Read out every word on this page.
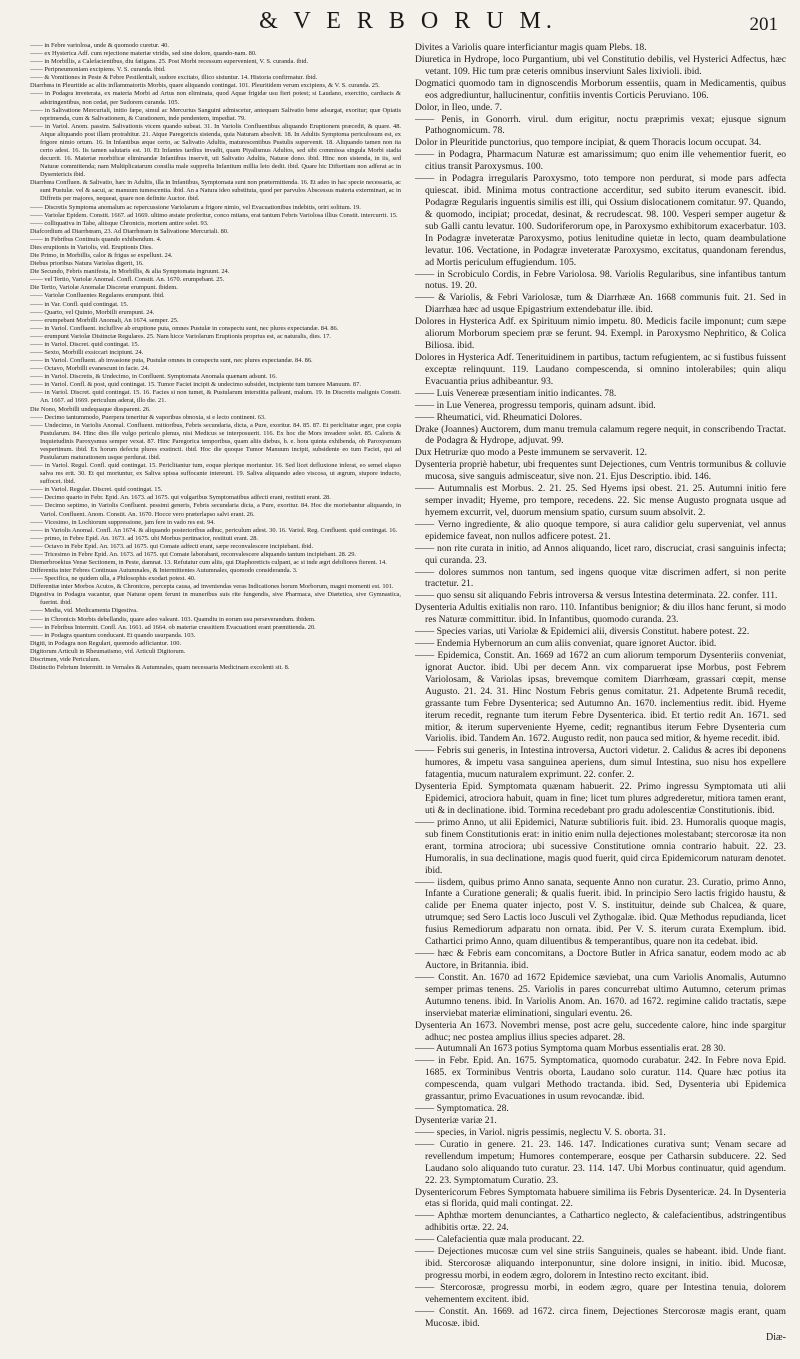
& V E R B O R U M.	201

—— in Febre variolosa, unde & quomodo curetur. 40.

—— ex Hysterica Adf. cum rejectione materiæ viridis, sed sine dolore, quando-nam. 80.

—— in Morbillis, a Calefacientibus, diu fatigans. 25. Post Morbi recessum supervenient, V. S. curanda. ibid.

—— Peripneumoniam excipiens. V. S. curanda. ibid.

—— & Vomitiones in Peste & Febre Pestilentiali, sudore excitato, illico sistuntur. 14. Historia confirmatur. ibid.

Diarrhœa in Pleuritide ac aliis inflammatoriis Morbis, quare aliquando contingat. 101. Pleuritidem verum excipiens, & V. S. curanda. 25.

—— in Podagra inveterata, ex materia Morbi ad Artus non eliminata, quod Aquæ frigidæ usu fieri potest; si Laudano, exercitio, cardiacis & adstringentibus, non cedat, per Sudorem curanda. 105.

—— in Salivatione Mercuriali, initio fæpe, simul ac Mercurius Sanguini admiscetur, antequam Salivatio bene adsurgat, exoritur; quæ Opiatis reprimenda, cum & Salivationem, & Curationem, inde pendentem, impediat. 79.

—— in Variol. Anom. passim. Salivationis vicem quando subeat. 31. In Variolis Confluentibus aliquando Eruptionem præcedit, & quare. 48. Atque aliquando post illam protrahitur. 21. Atque Paregoricis sistenda, quia Naturam absolvit. 18. In Adultis Symptoma periculosum est, ex frigore nimio ortum. 16. In Infantibus æque certo, ac Salivatio Adultis, maturescentibus Pustulis supervenit. 18. Aliquando tamen non ita certo adest. 16. Iis tamen salutaris est. 10. Et Infantes tardius invadit, quam Ptyalismus Adultos, sed sibi commissa singula Morbi stadia decurrit. 16. Materiæ morbificæ eliminandæ Infantibus inservit, uti Salivatio Adultis, Naturæ dono. ibid. Hinc non sistenda, in iis, sed Naturæ committenda; nam Multiplicatarum consilia male supprefia Infantium millia leto dedit. ibid. Quare hic Diftertiam non adferat ac in Dysentericis ibid.

Diarrhœa Confluen. & Salivatio, hæc in Adultis, illa in Infantibus, Symptomata sunt non prætermittenda. 16. Et adeo in hac specie necessaria, ac sunt Pustulæ. vel & sacui, ac manuum tumescentia. ibid. An a Natura ideo substituta, quod per parvulos Abscessus materia exterminari, ac in Diffretis per majores, nequeat, quare non definite Auctor. ibid.

—— Discretis Symptoma anomalum ac repercussione Variolarum a frigore nimio, vel Evacuationibus indebitis, oriri solitum. 19.

—— Variolar Epidem. Constit. 1667. ad 1669. ultimo æstate proferitur, conco mitans, erat tantum Febris Variolosa illius Constit. intercurrit. 15.

—— colliquativa in Tabe, aliisque Chronicis, mortem antire solet. 93.

Diafcordium ad Diarrhœam, 23. Ad Diarrhœam in Salivatione Mercuriali. 80.

—— in Febribus Continuis quando exhibendum. 4.

Dies eruptionis in Variolis, vid. Eruptionis Dies.

Die Primo, in Morbillis, calor & frigus se expellunt. 24.

Diebus prioribus Natura Variolas digerit, 16.

Die Secundo, Febris manifesta, in Morbillis, & alia Symptomata ingruunt. 24.

—— vel Tertio, Variolæ Anomal. Confl. Constit. An. 1670. erumpebant. 25.

Die Tertio, Variolæ Anomalæ Discretæ erumpunt. ibidem.

—— Variolæ Confluentes Regulares erumpunt. ibid.

—— in Var. Confl. quid contingat. 15.

—— Quarto, vel Quinto, Morbilli erumpunt. 24.

—— erumpebant Morbilli Anomali, An 1674. semper. 25.

—— in Variol. Confluent. incluflive ab eruptione puta, omnes Pustulæ in conspectu sunt, nec plures expectandæ. 84. 86.

—— erumpunt Variolæ Distinctæ Regulares. 25. Nam hicce Variolarum Eruptionis proprius est, ac naturalis, dies. 17.

—— in Variol. Discret. quid contingat. 15.

—— Sexto, Morbilli exsiccari incipiunt. 24.

—— in Variol. Confluent. ab invasione puta, Pustulæ omnes in conspectu sunt, nec plures expectandæ. 84. 86.

—— Octavo, Morbilli evanescunt in facie. 24.

—— in Variol. Discretis, & Undecimo, in Confluent. Symptomata Anomala quænam adsunt. 16.

—— in Variol. Confl. & post, quid contingat. 15. Tumor Faciei incipit & undecimo subsidet, incipiente tum tumore Manuum. 87.

—— in Variol. Discret. quid contingat. 15. 16. Facies si non tumet, & Pustularum interstitia palleant, malum. 19. In Discretis malignis Constit. An. 1667. ad 1669. periculum aderat, illo die. 21.

Die Nono, Morbilli undequaque dissparent. 26.

—— Decimo tantummodo, Puerpera teneritur & vaporibus obnoxia, si e lecto continent. 63.

—— Undecimo, in Variolis Anomal. Confluent. mitioribus, Febris secundaria, dicta, a Pure, exoritur. 84. 85. 87. Et periclitatur æger, præ copia Pustularum. 84. Hinc dies ille vulgo periculo plenus, nisi Medicus se interposuerit. 116. Ex hoc die Mors invadere solet. 85. Caloris & Inquietudinis Paroxysmus semper vexat. 87. Hinc Paregorica temporibus, quam aliis diebus, h. e. hora quinta exhibenda, ob Paroxysmum vespertinum. ibid. Ex horum defectu plures exstincti. ibid. Hoc die quoque Tumor Manuum incipit, subsidente eo tum Faciei, qui ad Pustularum maturationem usque perdurat. ibid.

—— in Variol. Regul. Confl. quid contingat. 15. Periclitantur tum, eoque plerique moriuntur. 16. Sed licet defluxione inferat, eo semel elapso salva res erit. 30. Et qui moriuntur, ex Saliva spissa suffocante intereunt. 19. Saliva aliquando adeo viscosa, ut ægrum, stupore inducto, suffocet. ibid.

—— in Variol. Regular. Discret. quid contingat. 15.

—— Decimo quarto in Febr. Epid. An. 1673. ad 1675. qui vulgaribus Symptomatibus adfecti erant, restituti erant. 28.

—— Decimo septimo, in Variolis Confluent. pessimi generis, Febris secundaria dicta, a Pure, exoritur. 84. Hoc die moriebantur aliquando, in Variol. Confluent. Anom. Constit. An. 1670. Hocce vero præterlapso salvi erant. 26.

—— Vicesimo, in Lochiorum suppressione, jam fere in vado res est. 94.

—— in Variolis Anomal. Confl. An 1674. & aliquando posterioribus adhuc, periculum adest. 30. 16. Variol. Reg. Confluent. quid contingat. 16.

—— primo, in Febre Epid. An. 1673. ad 1675. ubi Morbus pertinacior, restituti erant. 28.

—— Octavo in Febr Epid. An. 1673. ad 1675. qui Comate adfecti erant, sæpe reconvalescere incipiebant. ibid.

—— Tricesimo in Febre Epid. An. 1673. ad 1675. qui Comate laborabant, reconvalescere aliquando tantum incipiebant. 28. 29.

Diemerbroekius Venæ Sectionem, in Peste, damnat. 13. Refutatur cum aliis, qui Diaphoreticis culpant, ac si inde ægri debiliores fierent. 14.

Differentia inter Febres Continuas Autumnales, & Intermittentes Autumnales, quomodo consideranda. 3.

—— Specifica, ne quidem ulla, a Philosophis exodari potest. 40.

Differentiæ inter Morbos Acutos, & Chronicos, percepta causa, ad inveniendas veras Indicationes horum Morborum, magni momenti est. 101.

Digestiva in Podagra vacantur, quæ Naturæ opem ferunt in muneribus suis rite fungendis, sive Pharmaca, sive Diætetica, sive Gymnastica, fuerint. ibid.

—— Media, vid. Medicamenta Digestiva.

—— in Chronicis Morbis debellandis, quare adeo valeant. 103. Quamdiu in eorum usu perseverandum. ibidem.

—— in Febribus Intermitt. Confl. An. 1661. ad 1664. ob materiæ crassitiem Evacuationi erant præmittenda. 20.

—— in Podagra quantum conducant. Et quando usurpanda. 103.

Digiti, in Podagra non Regulari, quomodo adficiantur. 100.

Digitorum Articuli in Rheumatismo, vid. Articuli Digitorum.

Discrimen, vide Periculum.

Distinctio Febrium Intermitt. in Vernales & Autumnales, quam necessaria Medicinam excolenti sit. 8.

Divites a Variolis quare interficiantur magis quam Plebs. 18.

Diuretica in Hydrope, loco Purgantium, ubi vel Constitutio debilis, vel Hysterici Adfectus, hæc vetant. 109. Hic tum præ ceteris omnibus inserviunt Sales lixivioli. ibid.

Dogmatici quomodo tam in dignoscendis Morborum essentiis, quam in Medicamentis, quibus eos adgrediuntur, hallucinentur, confitiis inventis Corticis Peruviano. 106.

Dolor, in Ileo, unde. 7.

—— Penis, in Gonorrh. virul. dum erigitur, noctu præprimis vexat; ejusque signum Pathognomicum. 78.

Dolor in Pleuritide punctorius, quo tempore incipiat, & quem Thoracis locum occupat. 34.

—— in Podagra, Pharmacum Naturæ est amarissimum; quo enim ille vehementior fuerit, eo citius transit Paroxysmus. 100.

—— in Podagra irregularis Paroxysmo, toto tempore non perdurat, si mode pars adfecta quiescat. ibid. Minima motus contractione accerditur, sed subito iterum evanescit. ibid. Podagræ Regularis inguentis similis est illi, qui Ossium dislocationem comitatur. 97. Quando, & quomodo, incipiat; procedat, desinat, & recrudescat. 98. 100. Vesperi semper augetur & sub Galli cantu levatur. 100. Sudoriferorum ope, in Paroxysmo exhibitorum exacerbatur. 103. In Podagræ inveteratæ Paroxysmo, potius lenitudine quietæ in lecto, quam deambulatione levatur. 106. Vectatione, in Podagræ inveteratæ Paroxysmo, excitatus, quandonam ferendus, ad Mortis periculum effugiendum. 105.

—— in Scrobiculo Cordis, in Febre Variolosa. 98. Variolis Regularibus, sine infantibus tantum notus. 19. 20.

—— & Variolis, & Febri Variolosæ, tum & Diarrhææ An. 1668 communis fuit. 21. Sed in Diarrhæa hæc ad usque Epigastrium extendebatur ille. ibid.

Dolores in Hysterica Adf. ex Spirituum nimio impetu. 80. Medicis facile imponunt; cum sæpe aliorum Morborum speciem præ se ferunt. 94. Exempl. in Paroxysmo Nephritico, & Colica Biliosa. ibid.

Dolores in Hysterica Adf. Tenerituidinem in partibus, tactum refugientem, ac si fustibus fuissent exceptæ relinquunt. 119. Laudano compescenda, si omnino intolerabiles; quin aliqu Evacuantia prius adhibeantur. 93.

—— Luis Venereæ præsentiam initio indicantes. 78.

—— in Lue Venerea, progressu temporis, quinam adsunt. ibid.

—— Rheumatici, vid. Rheumatici Dolores.

Drake (Joannes) Auctorem, dum manu tremula calamum regere nequit, in conscribendo Tractat. de Podagra & Hydrope, adjuvat. 99.

Dux Hetruriæ quo modo a Peste immunem se servaverit. 12.

Dysenteria propriè habetur, ubi frequentes sunt Dejectiones, cum Ventris tormunibus & colluvie mucosa, sive sanguis admisceatur, sive non. 21. Ejus Descriptio. ibid. 146.

—— Autumnalis est Morbus. 2. 21. 25. Sed Hyems ipsi obest. 21. 25. Autumni initio fere semper invadit; Hyeme, pro tempore, recedens. 22. Sic mense Augusto prognata usque ad hyemem excurrit, vel, duorum mensium spatio, cursum suum absolvit. 2.

—— Verno ingrediente, & alio quoque tempore, si aura calidior gelu superveniat, vel annus epidemice faveat, non nullos adficere potest. 21.

—— non rite curata in initio, ad Annos aliquando, licet raro, discruciat, crasi sanguinis infecta; qui curanda. 23.

—— dolores summos non tantum, sed ingens quoque vitæ discrimen adfert, si non perite tractetur. 21.

—— quo sensu sit aliquando Febris introversa & versus Intestina determinata. 22. confer. 111.

Dysenteria Adultis exitialis non raro. 110. Infantibus benignior; & diu illos hanc ferunt, si modo res Naturæ committitur. ibid. In Infantibus, quomodo curanda. 23.

—— Species varias, uti Variolæ & Epidemici alii, diversis Constitut. habere potest. 22.

—— Endemia Hybernorum an cum aliis conveniat, quare ignoret Auctor. ibid.

—— Epidemica, Constit. An. 1669 ad 1672 an cum aliorum temporum Dysenteriis conveniat, ignorat Auctor. ibid. Ubi per decem Ann. vix comparuerat ipse Morbus, post Febrem Variolosam, & Variolas ipsas, brevemque comitem Diarrhœam, grassari cœpit, mense Augusto. 21. 24. 31. Hinc Nostum Febris genus comitatur. 21. Adpetente Brumâ recedit, grassante tum Febre Dysenterica; sed Autumno An. 1670. inclementius redit. ibid. Hyeme iterum recedit, regnante tum iterum Febre Dysenterica. ibid. Et tertio redit An. 1671. sed mitior, & iterum superveniente Hyeme, cedit; regnantibus iterum Febre Dysenteria cum Variolis. ibid. Tandem An. 1672. Augusto redit, non pauca sed mitior, & hyeme recedit. ibid.

—— Febris sui generis, in Intestina introversa, Auctori videtur. 2. Calidus & acres ibi deponens humores, & impetu vasa sanguinea aperiens, dum simul Intestina, suo nisu hos expellere fatagentia, mucum naturalem exprimunt. 22. confer. 2.

Dysenteria Epid. Symptomata quænam habuerit. 22. Primo ingressu Symptomata uti alii Epidemici, atrociora habuit, quam in fine; licet tum plures adgrederetur, mitiora tamen erant, uti & in declinatione. ibid. Tormina recedebant pro gradu adolescentiæ Constitutionis. ibid.

—— primo Anno, ut alii Epidemici, Naturæ subtilioris fuit. ibid. 23. Humoralis quoque magis, sub finem Constitutionis erat: in initio enim nulla dejectiones molestabant; stercorosæ ita non erant, tormina atrociora; ubi sucessive Constitutione omnia contrario habuit. 22. 23. Humoralis, in sua declinatione, magis quod fuerit, quid circa Epidemicorum naturam denotet. ibid.

—— iisdem, quibus primo Anno sanata, sequente Anno non curatur. 23. Curatio, primo Anno, Infante a Curatione generali; & qualis fuerit. ibid. In principio Sero lactis frigido haustu, & calide per Enema quater injecto, post V. S. instituitur, deinde sub Chalcea, & quare, utrumque; sed Sero Lactis loco Jusculi vel Zythogalæ. ibid. Quæ Methodus repudianda, licet fusius Remediorum adparatu non ornata. ibid. Per V. S. iterum curata Exemplum. ibid. Cathartici primo Anno, quam diluentibus & temperantibus, quare non ita cedebat. ibid.

—— hæc & Febris eam concomitans, a Doctore Butler in Africa sanatur, eodem modo ac ab Auctore, in Britannia. ibid.

—— Constit. An. 1670 ad 1672 Epidemice sæviebat, una cum Variolis Anomalis, Autumno semper primas tenens. 25. Variolis in pares concurrebat ultimo Autumno, ceterum primas Autumno tenens. ibid. In Variolis Anom. An. 1670. ad 1672. regimine calido tractatis, sæpe inserviebat materiæ eliminationi, singulari eventu. 26.

Dysenteria An 1673. Novembri mense, post acre gelu, succedente calore, hinc inde spargitur adhuc; nec postea amplius illius species adparet. 28.

—— Autumnali An 1673 potius Symptoma quam Morbus essentialis erat. 28 30.

—— in Febr. Epid. An. 1675. Symptomatica, quomodo curabatur. 242. In Febre nova Epid. 1685. ex Torminibus Ventris oborta, Laudano solo curatur. 114. Quare hæc potius ita compescenda, quam vulgari Methodo tractanda. ibid. Sed, Dysenteria ubi Epidemica grassantur, primo Evacuationes in usum revocandæ. ibid.

—— Symptomatica. 28.

Dysenteriæ variæ 21.

—— species, in Variol. nigris pessimis, neglectu V. S. oborta. 31.

—— Curatio in genere. 21. 23. 146. 147. Indicationes curativa sunt; Venam secare ad revellendum impetum; Humores contemperare, eosque per Catharsin subducere. 22. Sed Laudano solo aliquando tuto curatur. 23. 114. 147. Ubi Morbus continuatur, quid agendum. 22. 23. Symptomatum Curatio. 23.

Dysentericorum Febres Symptomata habuere similima iis Febris Dysentericæ. 24. In Dysenteria etas si florida, quid mali contingat. 22.

—— Aphthæ mortem denunciantes, a Cathartico neglecto, & calefacientibus, adstringentibus adhibitis ortæ. 22. 24.

—— Calefacientia quæ mala producant. 22.

—— Dejectiones mucosæ cum vel sine striis Sanguineis, quales se habeant. ibid. Unde fiant. ibid. Stercorosæ aliquando interponuntur, sine dolore insigni, in initio. ibid. Mucosæ, progressu morbi, in eodem ægro, dolorem in Intestino recto excitant. ibid.

—— Stercorosæ, progressu morbi, in eodem ægro, quare per Intestina tenuia, dolorem vehementem excitent. ibid.

—— Constit. An. 1669. ad 1672. circa finem, Dejectiones Stercorosæ magis erant, quam Mucosæ. ibid.

Diæ-
